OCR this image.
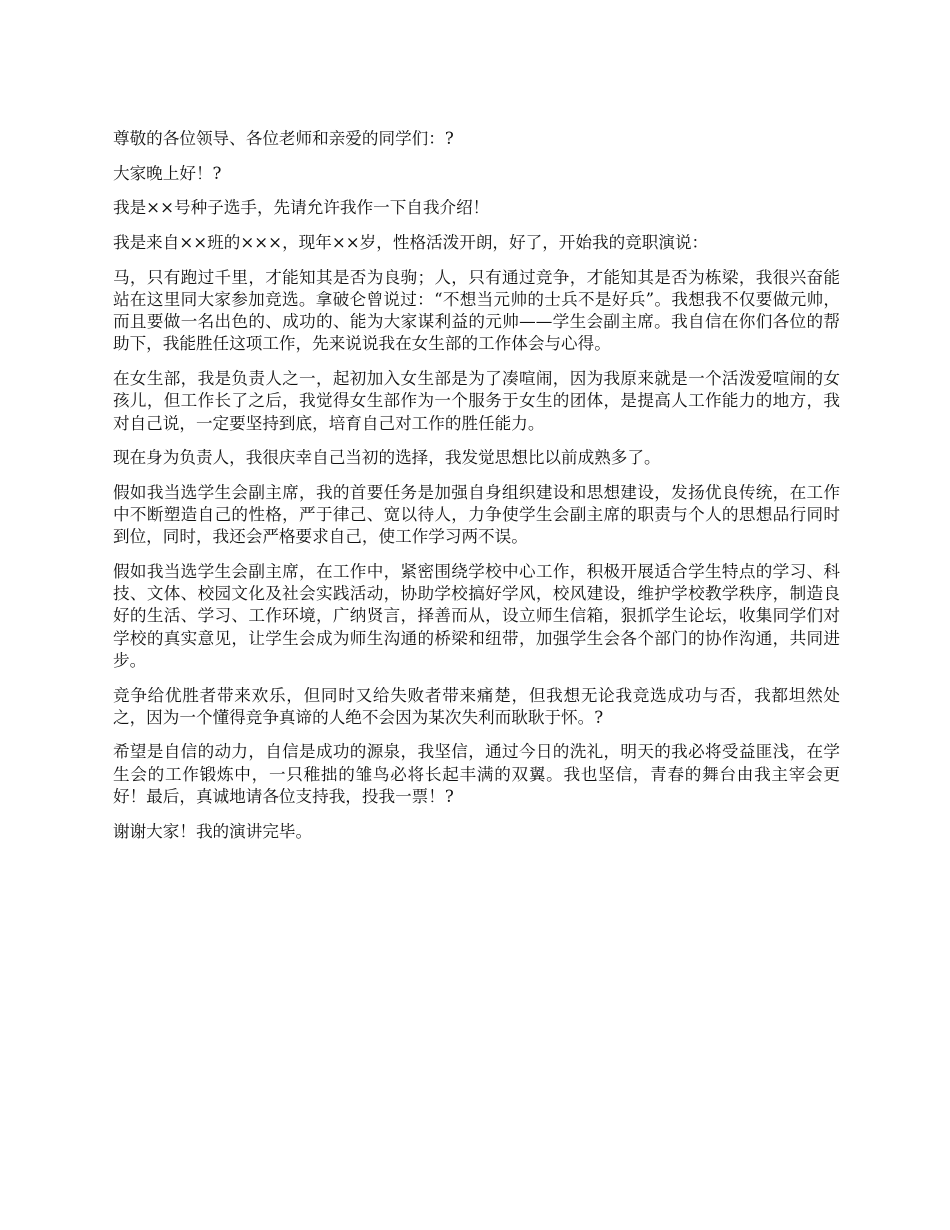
尊敬的各位领导、各位老师和亲爱的同学们：?

大家晚上好！?

我是××号种子选手，先请允许我作一下自我介绍！

我是来自××班的×××，现年××岁，性格活泼开朗，好了，开始我的竞职演说：

马，只有跑过千里，才能知其是否为良驹；人，只有通过竞争，才能知其是否为栋梁，我很兴奋能站在这里同大家参加竞选。拿破仑曾说过：“不想当元帅的士兵不是好兵”。我想我不仅要做元帅，而且要做一名出色的、成功的、能为大家谋利益的元帅——学生会副主席。我自信在你们各位的帮助下，我能胜任这项工作，先来说说我在女生部的工作体会与心得。

在女生部，我是负责人之一，起初加入女生部是为了凑喧闹，因为我原来就是一个活泼爱喧闹的女孩儿，但工作长了之后，我觉得女生部作为一个服务于女生的团体，是提高人工作能力的地方，我对自己说，一定要坚持到底，培育自己对工作的胜任能力。

现在身为负责人，我很庆幸自己当初的选择，我发觉思想比以前成熟多了。

假如我当选学生会副主席，我的首要任务是加强自身组织建设和思想建设，发扬优良传统，在工作中不断塑造自己的性格，严于律己、宽以待人，力争使学生会副主席的职责与个人的思想品行同时到位，同时，我还会严格要求自己，使工作学习两不误。

假如我当选学生会副主席，在工作中，紧密围绕学校中心工作，积极开展适合学生特点的学习、科技、文体、校园文化及社会实践活动，协助学校搞好学风，校风建设，维护学校教学秩序，制造良好的生活、学习、工作环境，广纳贤言，择善而从，设立师生信箱，狠抓学生论坛，收集同学们对学校的真实意见，让学生会成为师生沟通的桥梁和纽带，加强学生会各个部门的协作沟通，共同进步。

竞争给优胜者带来欢乐，但同时又给失败者带来痛楚，但我想无论我竞选成功与否，我都坦然处之，因为一个懂得竞争真谛的人绝不会因为某次失利而耿耿于怀。?

希望是自信的动力，自信是成功的源泉，我坚信，通过今日的洗礼，明天的我必将受益匪浅，在学生会的工作锻炼中，一只稚拙的雏鸟必将长起丰满的双翼。我也坚信，青春的舞台由我主宰会更好！最后，真诚地请各位支持我，投我一票！?

谢谢大家！我的演讲完毕。
